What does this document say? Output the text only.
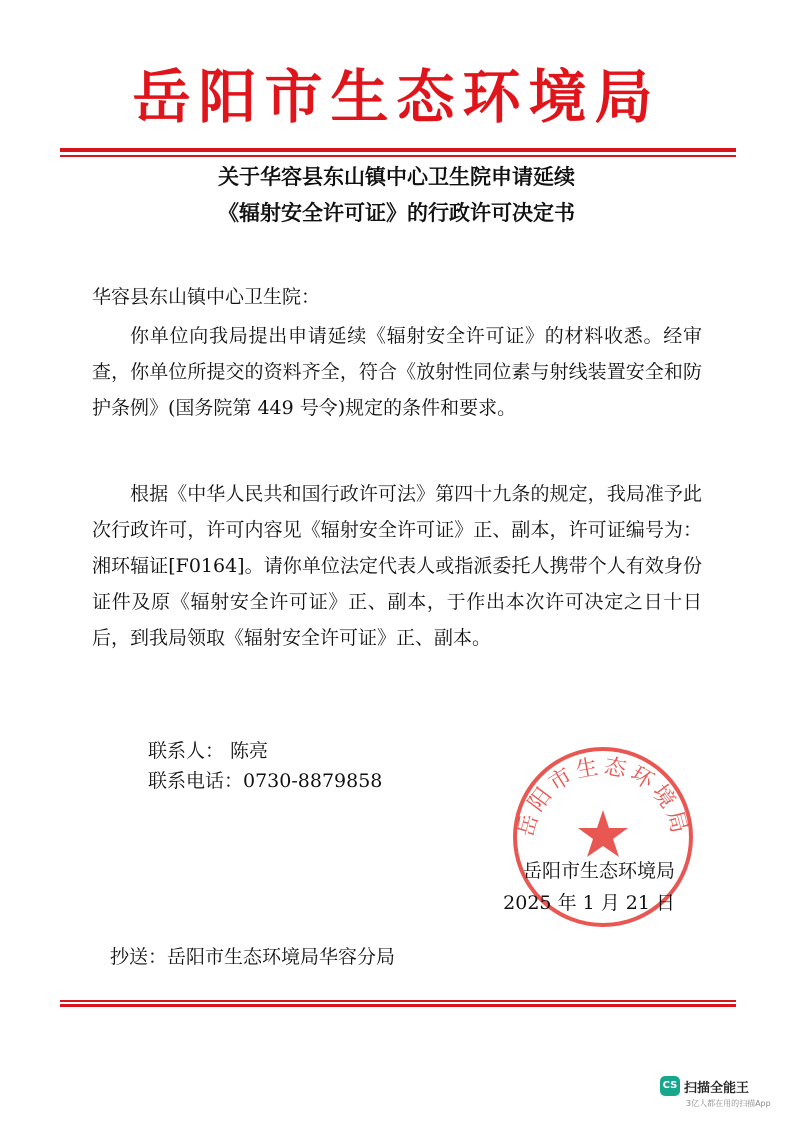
岳阳市生态环境局
关于华容县东山镇中心卫生院申请延续
《辐射安全许可证》的行政许可决定书
华容县东山镇中心卫生院：

你单位向我局提出申请延续《辐射安全许可证》的材料收悉。经审查，你单位所提交的资料齐全，符合《放射性同位素与射线装置安全和防护条例》(国务院第 449 号令)规定的条件和要求。

根据《中华人民共和国行政许可法》第四十九条的规定，我局准予此次行政许可，许可内容见《辐射安全许可证》正、副本，许可证编号为：湘环辐证[F0164]。请你单位法定代表人或指派委托人携带个人有效身份证件及原《辐射安全许可证》正、副本，于作出本次许可决定之日十日后，到我局领取《辐射安全许可证》正、副本。

联系人： 陈亮
联系电话：0730-8879858
岳阳市生态环境局
岳阳市生态环境局
2025 年 1 月 21 日
抄送：岳阳市生态环境局华容分局
CS 扫描全能王
3亿人都在用的扫描App
